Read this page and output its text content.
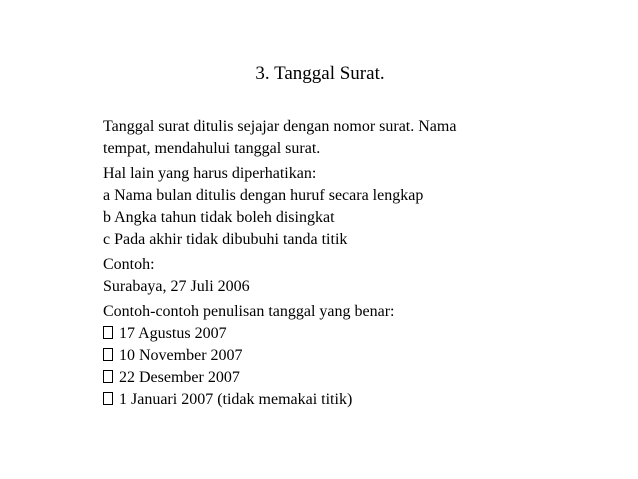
3. Tanggal Surat.

Tanggal surat ditulis sejajar dengan nomor surat. Nama
tempat, mendahului tanggal surat.

Hal lain yang harus diperhatikan:
a Nama bulan ditulis dengan huruf secara lengkap
b Angka tahun tidak boleh disingkat
c Pada akhir tidak dibubuhi tanda titik

Contoh:
Surabaya, 27 Juli 2006

Contoh-contoh penulisan tanggal yang benar:
17 Agustus 2007
10 November 2007
22 Desember 2007
1 Januari 2007 (tidak memakai titik)
